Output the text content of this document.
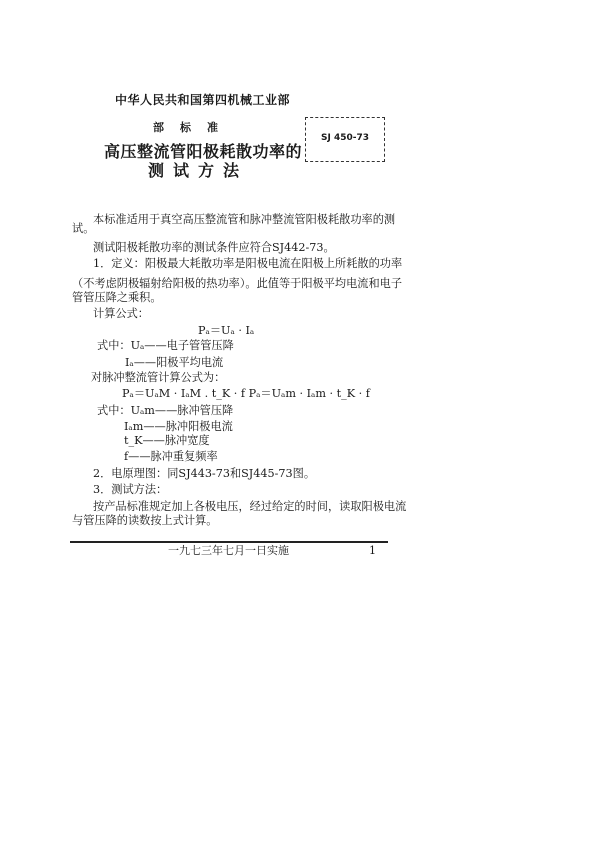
中华人民共和国第四机械工业部
部标准
高压整流管阳极耗散功率的
测试方法
SJ 450-73
本标准适用于真空高压整流管和脉冲整流管阳极耗散功率的测
试。
测试阳极耗散功率的测试条件应符合SJ442-73。
1．定义：阳极最大耗散功率是阳极电流在阳极上所耗散的功率
（不考虑阴极辐射给阳极的热功率）。此值等于阳极平均电流和电子
管管压降之乘积。
计算公式：
Pₐ＝Uₐ · Iₐ
式中：Uₐ——电子管管压降
Iₐ——阳极平均电流
对脉冲整流管计算公式为：
Pₐ＝UₐM · IₐM . t_K · f Pₐ＝Uₐm · Iₐm · t_K · f
式中：Uₐm——脉冲管压降
Iₐm——脉冲阳极电流
t_K——脉冲宽度
f——脉冲重复频率
2．电原理图：同SJ443-73和SJ445-73图。
3．测试方法：
按产品标准规定加上各极电压，经过给定的时间，读取阳极电流
与管压降的读数按上式计算。
一九七三年七月一日实施	1
